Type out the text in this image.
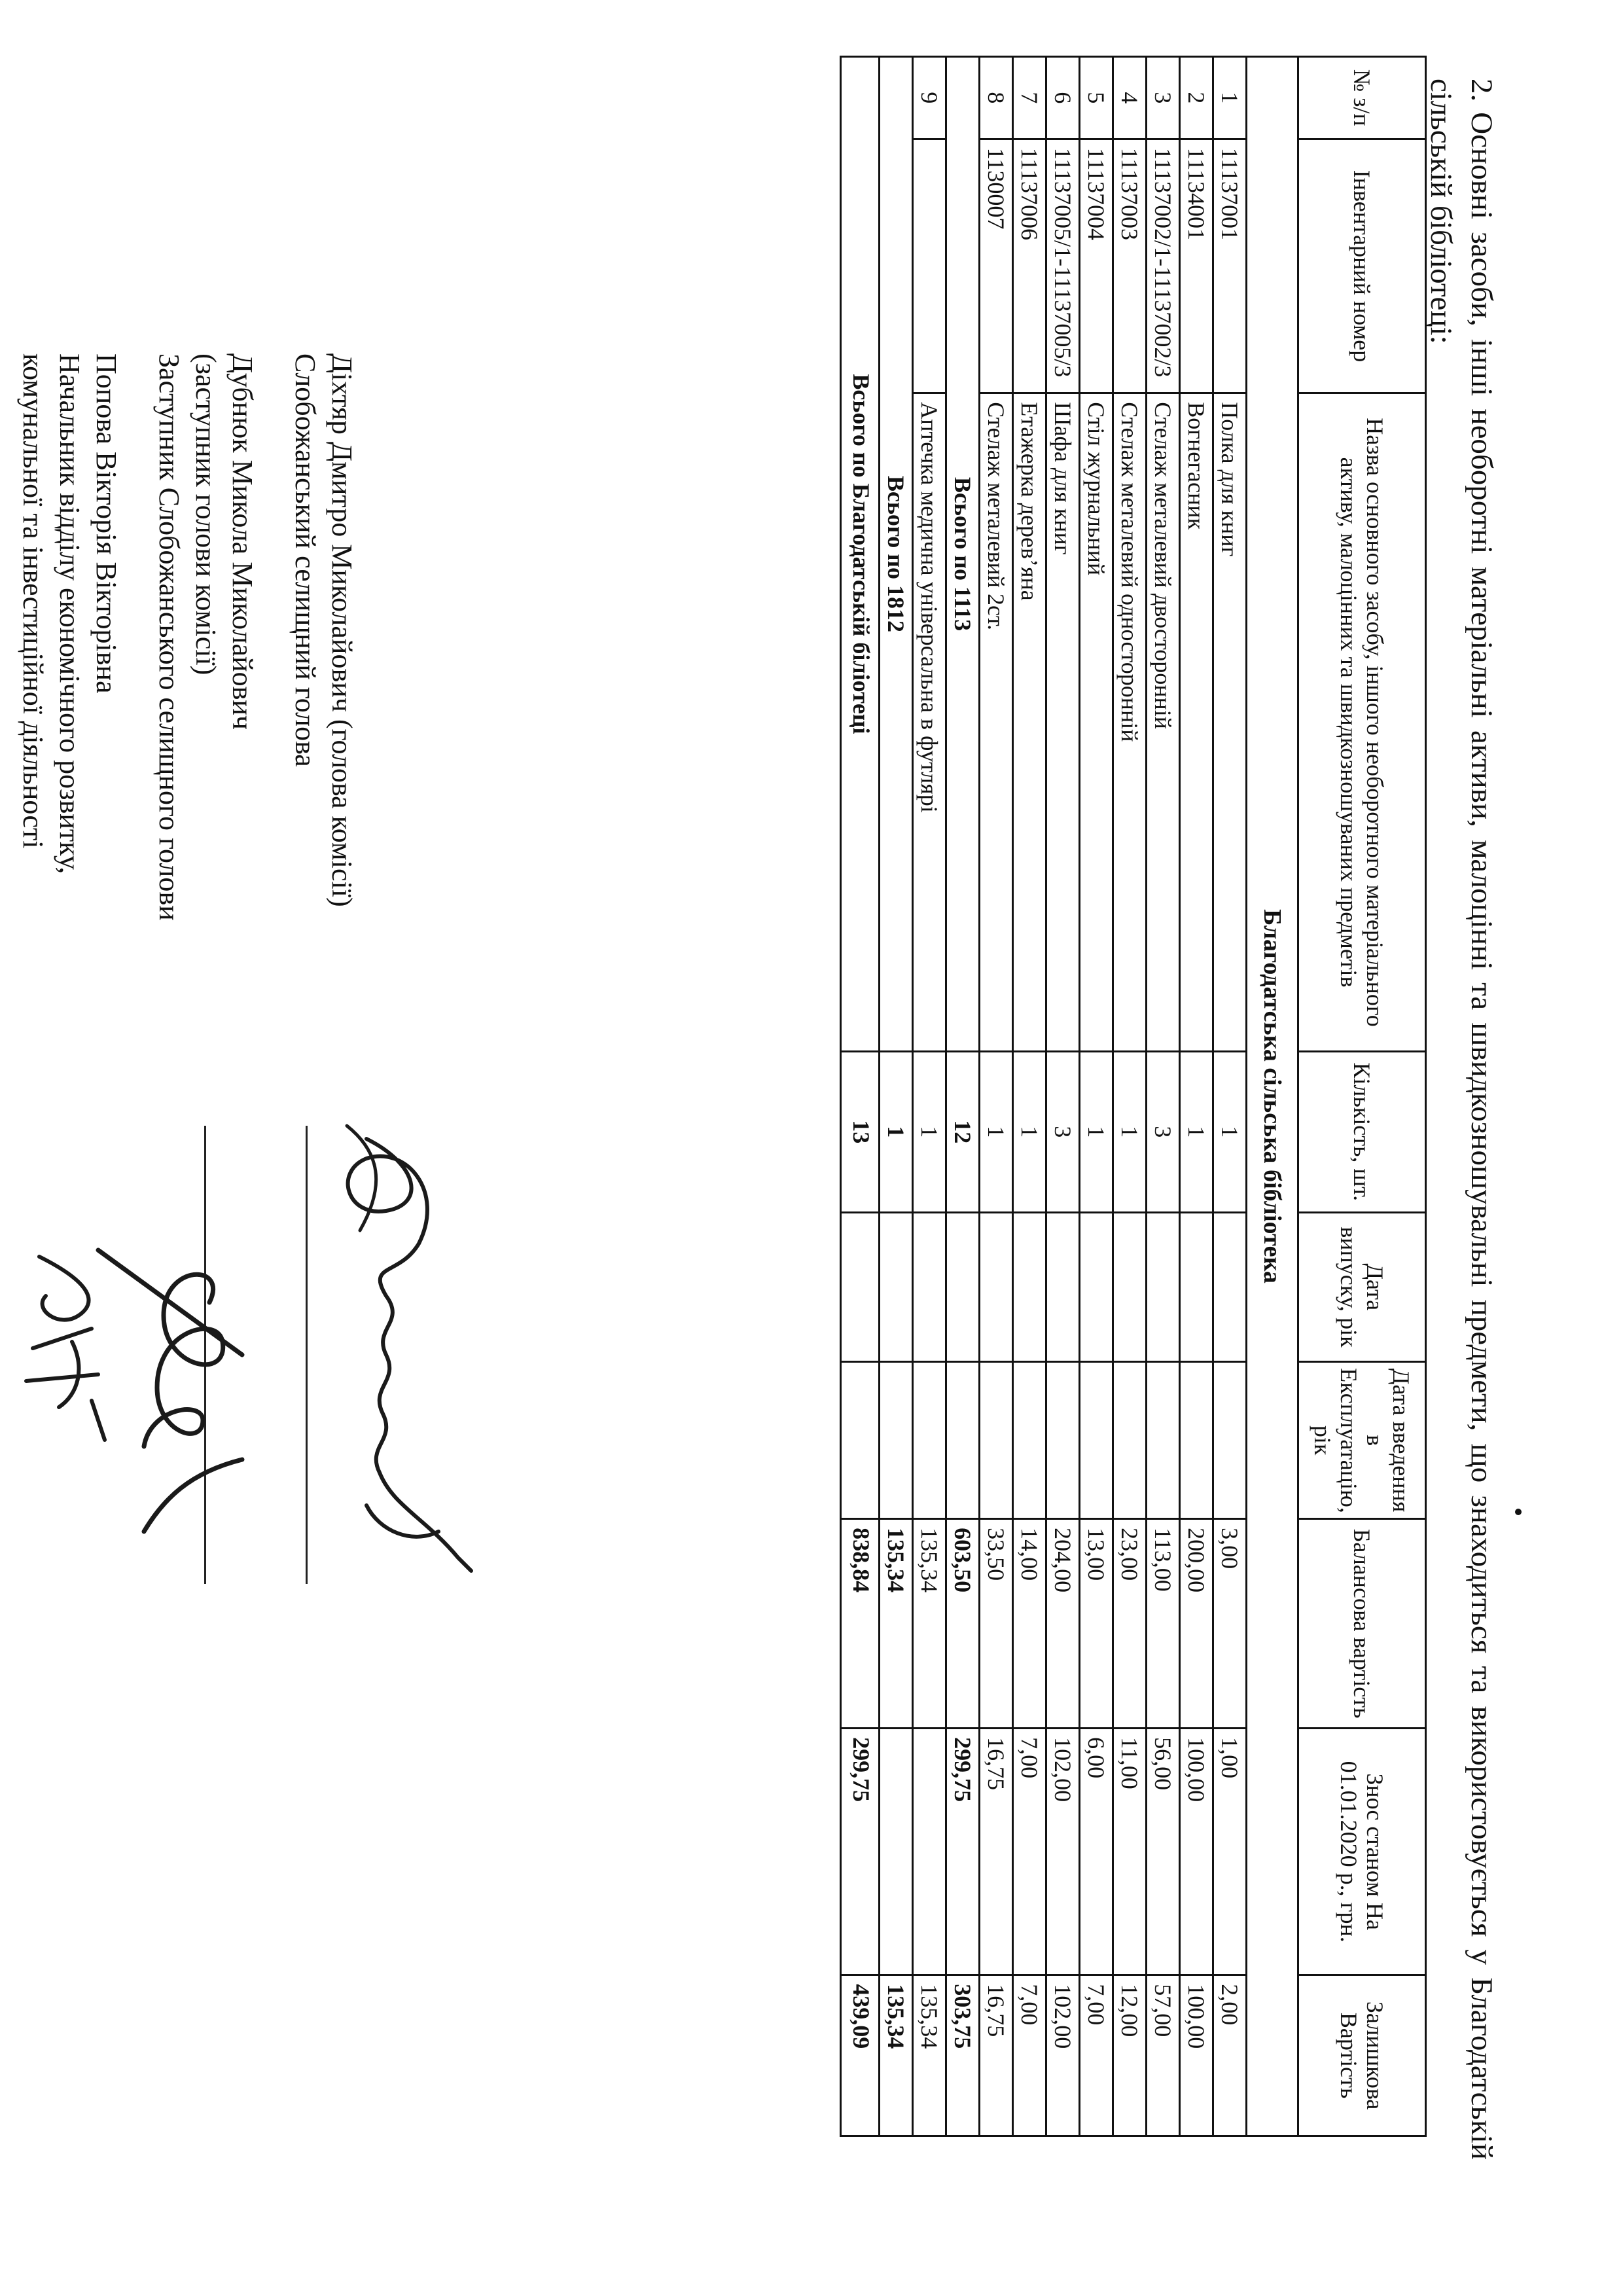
2.Основні засоби, інші необоротні матеріальні активи, малоцінні та швидкозношувальні предмети, що знаходиться та використовується у Благодатській сільській бібліотеці:
№ з/п	Інвентарний номер	Назва основного засобу, іншого необоротного матеріального активу, малоцінних та швидкозношуваних предметів	Кількість, шт.	Дата випуску, рік	Дата введення в Експлуатацію, рік	Балансова вартість	Знос станом На 01.01.2020 р., грн.	Залишкова Вартість
Благодатська сільська бібліотека								
1	11137001	Полка для книг	1			3,00	1,00	2,00
2	11134001	Вогнегасник	1			200,00	100,00	100,00
3	11137002/1-11137002/3	Стелаж металевий двосторонній	3			113,00	56,00	57,00
4	11137003	Стелаж металевий односторонній	1			23,00	11,00	12,00
5	11137004	Стіл журнальний	1			13,00	6,00	7,00
6	11137005/1-11137005/3	Шафа для книг	3			204,00	102,00	102,00
7	11137006	Етажерка дерев’яна	1			14,00	7,00	7,00
8	1130007	Стелаж металевий 2ст.	1			33,50	16,75	16,75
Всього по 1113			12			603,50	299,75	303,75
9		Аптечка медична універсальна в футлярі	1			135,34		135,34
Всього по 1812			1			135,34		135,34
Всього по Благодатській біліотеці			13			838,84	299,75	439,09
Діхтяр Дмитро Миколайович (голова комісії)
Слобожанський селищний голова
Дубнюк Микола Миколайович
(заступник голови комісії)
Заступник Слобожанського селищного голови
Попова Вікторія Вікторівна
Начальник відділу економічного розвитку,
комунальної та інвестиційної діяльності
